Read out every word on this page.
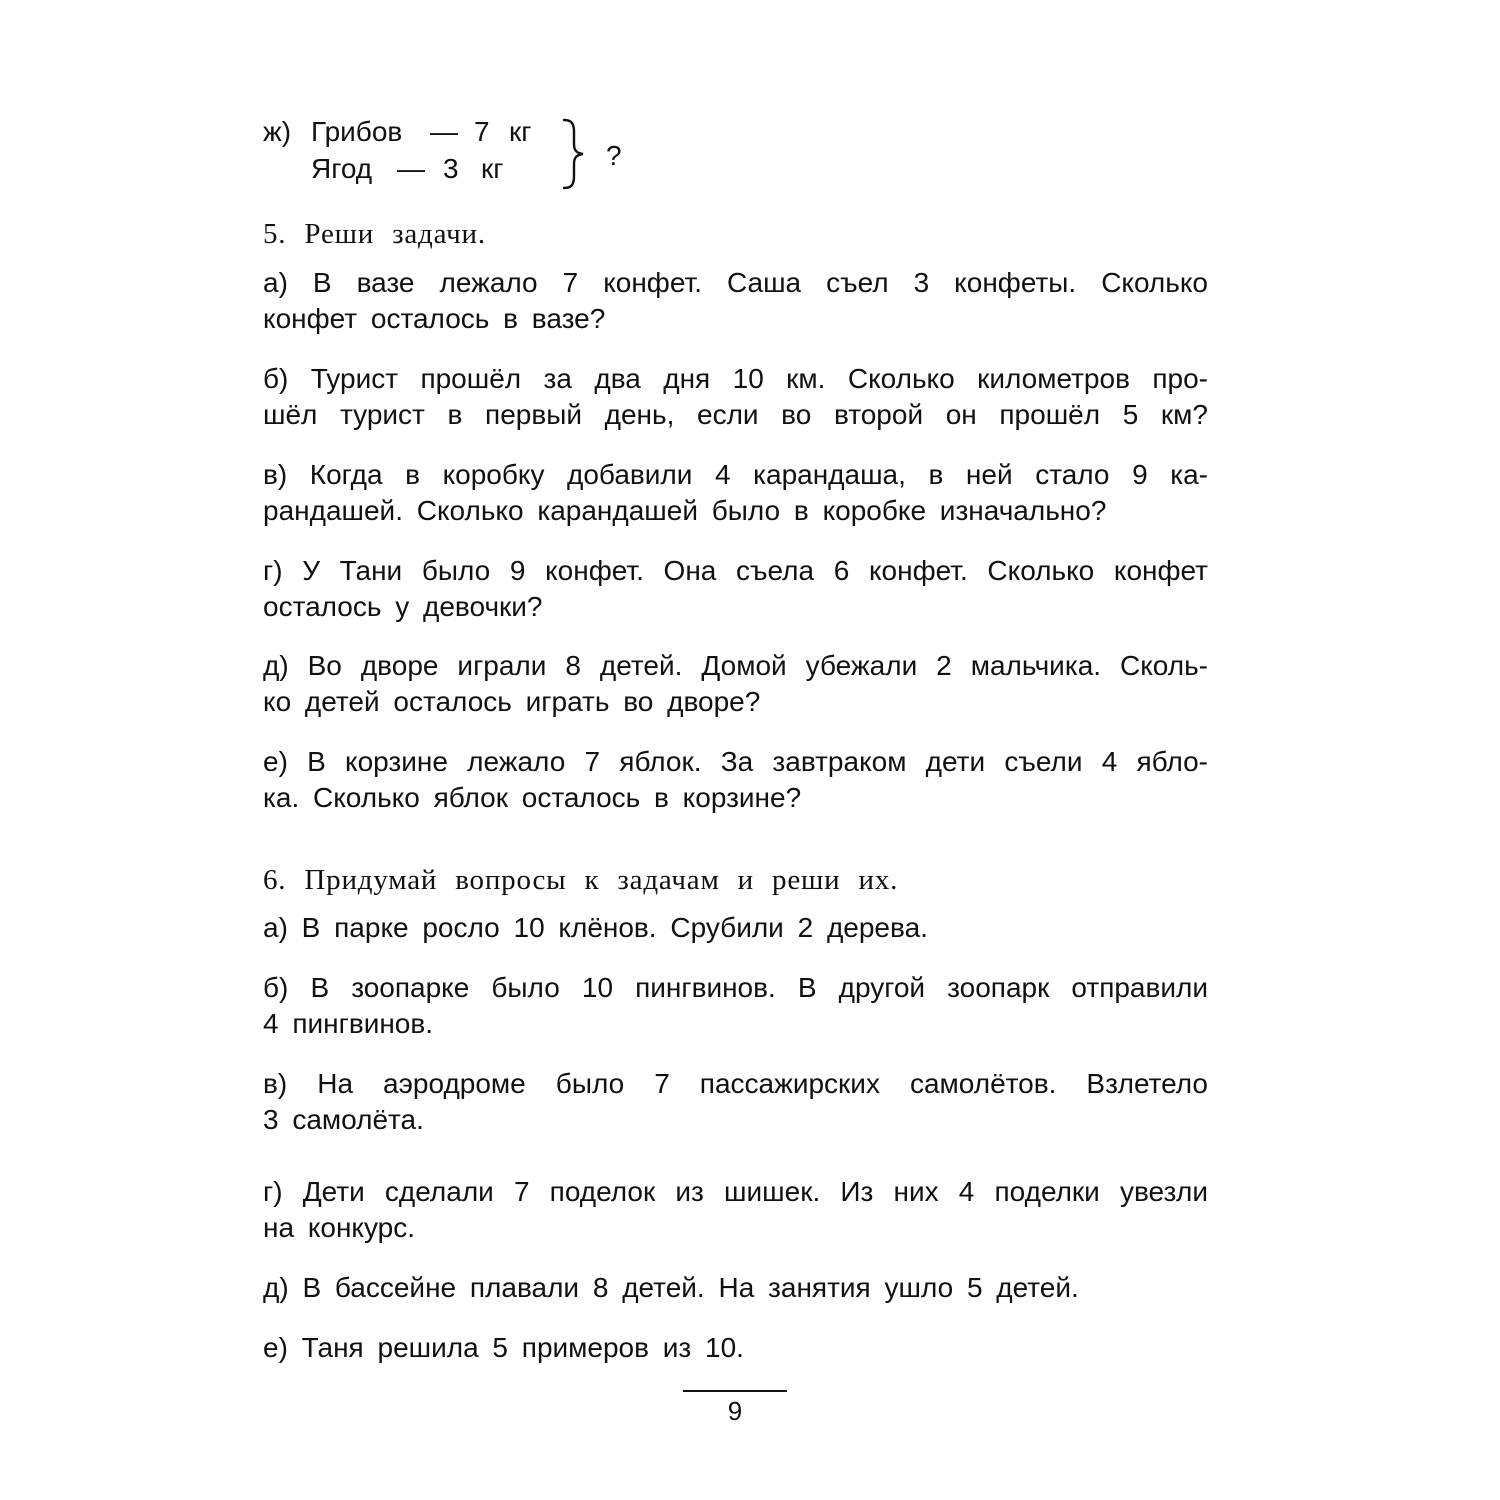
ж) Грибов — 7 кг
Ягод — 3 кг	?
5. Реши задачи.
а) В вазе лежало 7 конфет. Саша съел 3 конфеты. Сколько
конфет осталось в вазе?
б) Турист прошёл за два дня 10 км. Сколько километров про-
шёл турист в первый день, если во второй он прошёл 5 км?
в) Когда в коробку добавили 4 карандаша, в ней стало 9 ка-
рандашей. Сколько карандашей было в коробке изначально?
г) У Тани было 9 конфет. Она съела 6 конфет. Сколько конфет
осталось у девочки?
д) Во дворе играли 8 детей. Домой убежали 2 мальчика. Сколь-
ко детей осталось играть во дворе?
е) В корзине лежало 7 яблок. За завтраком дети съели 4 ябло-
ка. Сколько яблок осталось в корзине?
6. Придумай вопросы к задачам и реши их.
а) В парке росло 10 клёнов. Срубили 2 дерева.
б) В зоопарке было 10 пингвинов. В другой зоопарк отправили
4 пингвинов.
в) На аэродроме было 7 пассажирских самолётов. Взлетело
3 самолёта.
г) Дети сделали 7 поделок из шишек. Из них 4 поделки увезли
на конкурс.
д) В бассейне плавали 8 детей. На занятия ушло 5 детей.
е) Таня решила 5 примеров из 10.
9
